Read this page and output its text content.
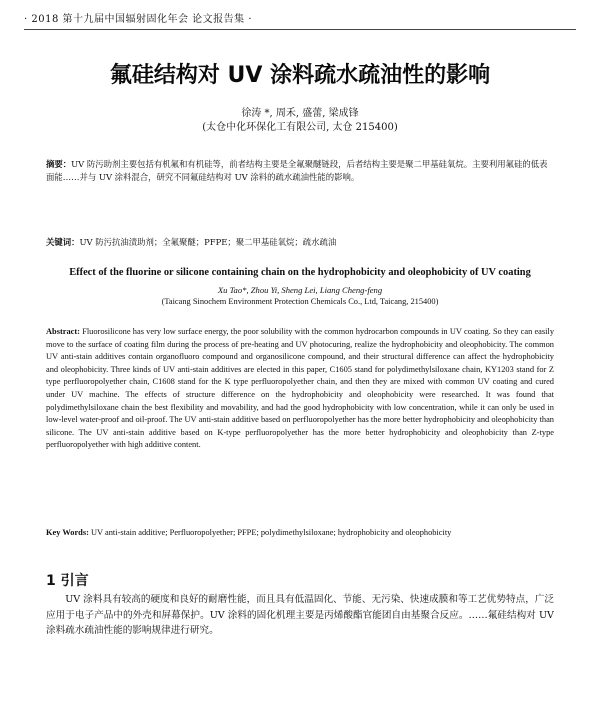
· 2018 第十九届中国辐射固化年会 论文报告集 ·
氟硅结构对 UV 涂料疏水疏油性的影响
徐涛 *, 周禾, 盛蕾, 梁成锋
(太仓中化环保化工有限公司, 太仓 215400)
摘要：UV 防污助剂主要包括有机氟和有机硅等，前者结构主要是全氟聚醚链段，后者结构主要是聚二甲基硅氧烷。主要利用氟硅的低表面能……并与 UV 涂料混合，研究不同氟硅结构对 UV 涂料的疏水疏油性能的影响。
关键词：UV 防污抗油渍助剂；全氟聚醚；PFPE；聚二甲基硅氧烷；疏水疏油
Effect of the fluorine or silicone containing chain on the hydrophobicity and oleophobicity of UV coating
Xu Tao*, Zhou Yi, Sheng Lei, Liang Cheng-feng
(Taicang Sinochem Environment Protection Chemicals Co., Ltd, Taicang, 215400)
Abstract: Fluorosilicone has very low surface energy, the poor solubility with the common hydrocarbon compounds in UV coating. So they can easily move to the surface of coating film during the process of pre-heating and UV photocuring, realize the hydrophobicity and oleophobicity. The common UV anti-stain additives contain organofluoro compound and organosilicone compound, and their structural difference can affect the hydrophobicity and oleophobicity. Three kinds of UV anti-stain additives are elected in this paper, C1605 stand for polydimethylsiloxane chain, KY1203 stand for Z type perfluoropolyether chain, C1608 stand for the K type perfluoropolyether chain, and then they are mixed with common UV coating and cured under UV machine. The effects of structure difference on the hydrophobicity and oleophobicity were researched. It was found that polydimethylsiloxane chain the best flexibility and movability, and had the good hydrophobicity with low concentration, while it can only be used in low-level water-proof and oil-proof. The UV anti-stain additive based on perfluoropolyether has the more better hydrophobicity and oleophobicity than silicone. The UV anti-stain additive based on K-type perfluoropolyether has the more better hydrophobicity and oleophobicity than Z-type perfluoropolyether with high additive content.
Key Words: UV anti-stain additive; Perfluoropolyether; PFPE; polydimethylsiloxane; hydrophobicity and oleophobicity
1 引言
UV 涂料具有较高的硬度和良好的耐磨性能，而且具有低温固化、节能、无污染、快速成膜和等工艺优势特点，广泛应用于电子产品中的外壳和屏幕保护。UV 涂料的固化机理主要是丙烯酸酯官能团自由基聚合反应。……氟硅结构对 UV 涂料疏水疏油性能的影响规律进行研究。
